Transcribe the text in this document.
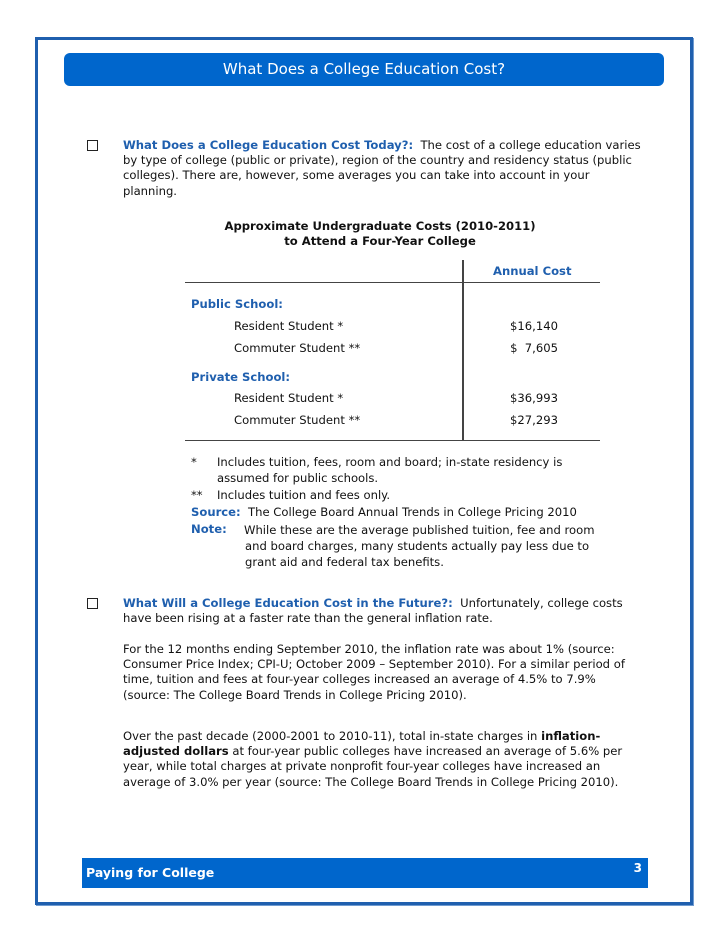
What Does a College Education Cost?
What Does a College Education Cost Today?: The cost of a college education varies by type of college (public or private), region of the country and residency status (public colleges). There are, however, some averages you can take into account in your planning.
Approximate Undergraduate Costs (2010-2011)
to Attend a Four-Year College
Annual Cost
Public School:
Resident Student *	$16,140
Commuter Student **	$  7,605
Private School:
Resident Student *	$36,993
Commuter Student **	$27,293
* Includes tuition, fees, room and board; in-state residency is assumed for public schools.
** Includes tuition and fees only.
Source: The College Board Annual Trends in College Pricing 2010
Note: While these are the average published tuition, fee and room and board charges, many students actually pay less due to grant aid and federal tax benefits.
What Will a College Education Cost in the Future?: Unfortunately, college costs have been rising at a faster rate than the general inflation rate.
For the 12 months ending September 2010, the inflation rate was about 1% (source: Consumer Price Index; CPI-U; October 2009 – September 2010). For a similar period of time, tuition and fees at four-year colleges increased an average of 4.5% to 7.9% (source: The College Board Trends in College Pricing 2010).
Over the past decade (2000-2001 to 2010-11), total in-state charges in inflation-adjusted dollars at four-year public colleges have increased an average of 5.6% per year, while total charges at private nonprofit four-year colleges have increased an average of 3.0% per year (source: The College Board Trends in College Pricing 2010).
Paying for College	3
